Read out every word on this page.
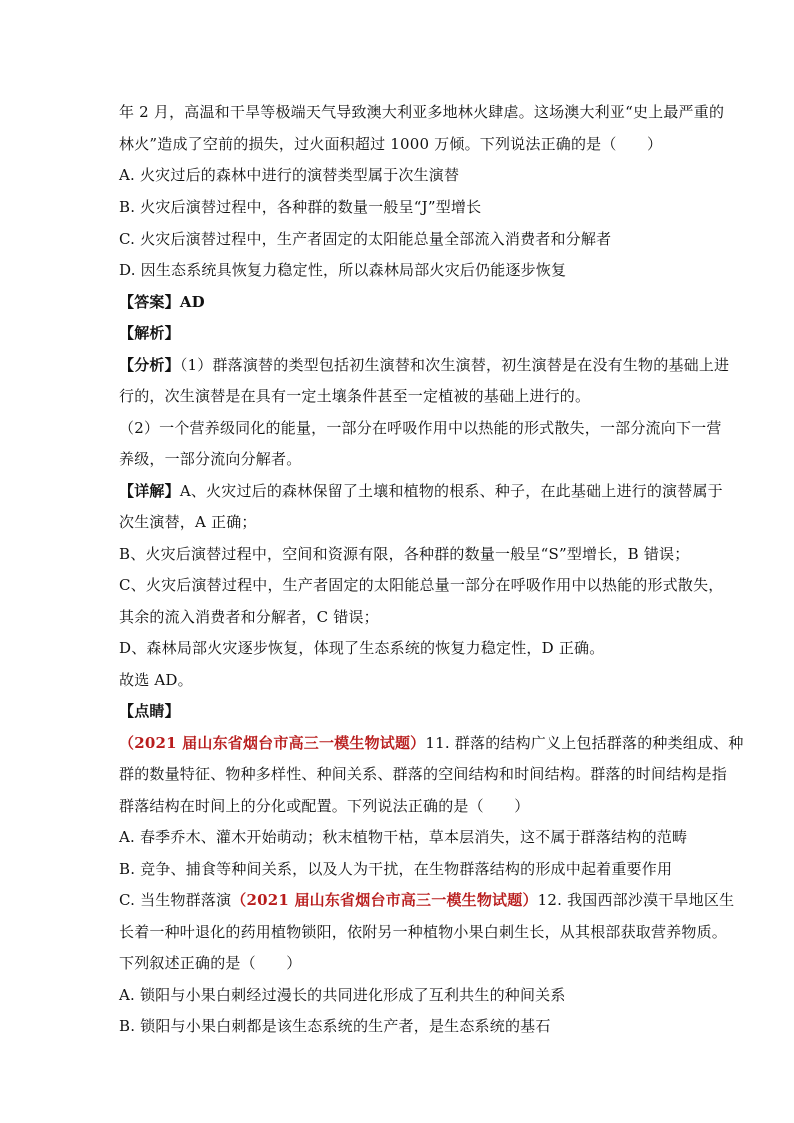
年 2 月，高温和干旱等极端天气导致澳大利亚多地林火肆虐。这场澳大利亚“史上最严重的
林火”造成了空前的损失，过火面积超过 1000 万倾。下列说法正确的是（　　）
A. 火灾过后的森林中进行的演替类型属于次生演替
B. 火灾后演替过程中，各种群的数量一般呈“J”型增长
C. 火灾后演替过程中，生产者固定的太阳能总量全部流入消费者和分解者
D. 因生态系统具恢复力稳定性，所以森林局部火灾后仍能逐步恢复
【答案】AD
【解析】
【分析】（1）群落演替的类型包括初生演替和次生演替，初生演替是在没有生物的基础上进
行的，次生演替是在具有一定土壤条件甚至一定植被的基础上进行的。
（2）一个营养级同化的能量，一部分在呼吸作用中以热能的形式散失，一部分流向下一营
养级，一部分流向分解者。
【详解】A、火灾过后的森林保留了土壤和植物的根系、种子，在此基础上进行的演替属于
次生演替，A 正确；
B、火灾后演替过程中，空间和资源有限，各种群的数量一般呈“S”型增长，B 错误；
C、火灾后演替过程中，生产者固定的太阳能总量一部分在呼吸作用中以热能的形式散失，
其余的流入消费者和分解者，C 错误；
D、森林局部火灾逐步恢复，体现了生态系统的恢复力稳定性，D 正确。
故选 AD。
【点睛】
（2021 届山东省烟台市高三一模生物试题）11. 群落的结构广义上包括群落的种类组成、种
群的数量特征、物种多样性、种间关系、群落的空间结构和时间结构。群落的时间结构是指
群落结构在时间上的分化或配置。下列说法正确的是（　　）
A. 春季乔木、灌木开始萌动；秋末植物干枯，草本层消失，这不属于群落结构的范畴
B. 竞争、捕食等种间关系，以及人为干扰，在生物群落结构的形成中起着重要作用
C. 当生物群落演（2021 届山东省烟台市高三一模生物试题）12. 我国西部沙漠干旱地区生
长着一种叶退化的药用植物锁阳，依附另一种植物小果白刺生长，从其根部获取营养物质。
下列叙述正确的是（　　）
A. 锁阳与小果白刺经过漫长的共同进化形成了互利共生的种间关系
B. 锁阳与小果白刺都是该生态系统的生产者，是生态系统的基石
